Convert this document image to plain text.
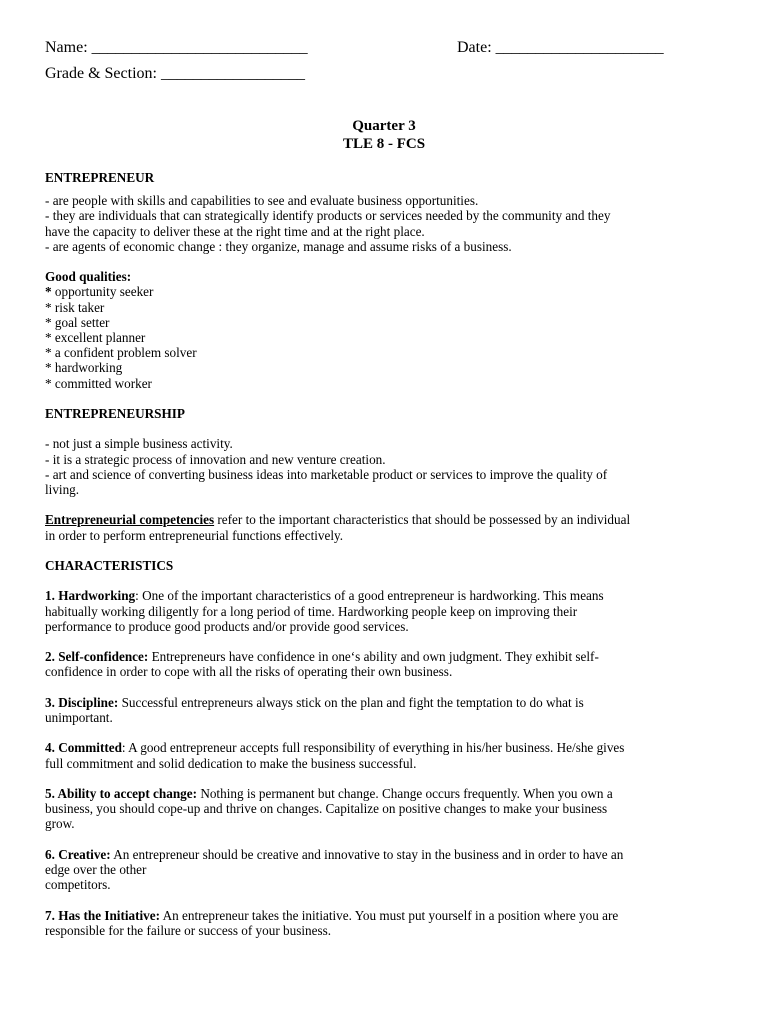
Name: ___________________________	Date: _____________________
Grade & Section: __________________
Quarter 3
TLE 8 - FCS

ENTREPRENEUR

- are people with skills and capabilities to see and evaluate business opportunities.

- they are individuals that can strategically identify products or services needed by the community and they

have the capacity to deliver these at the right time and at the right place.

- are agents of economic change : they organize, manage and assume risks of a business.

Good qualities:

* opportunity seeker

* risk taker

* goal setter

* excellent planner

* a confident problem solver

* hardworking

* committed worker

ENTREPRENEURSHIP

- not just a simple business activity.

- it is a strategic process of innovation and new venture creation.

- art and science of converting business ideas into marketable product or services to improve the quality of

living.

Entrepreneurial competencies refer to the important characteristics that should be possessed by an individual

in order to perform entrepreneurial functions effectively.

CHARACTERISTICS

1. Hardworking: One of the important characteristics of a good entrepreneur is hardworking. This means

habitually working diligently for a long period of time. Hardworking people keep on improving their

performance to produce good products and/or provide good services.

2. Self-confidence: Entrepreneurs have confidence in one‘s ability and own judgment. They exhibit self-

confidence in order to cope with all the risks of operating their own business.

3. Discipline: Successful entrepreneurs always stick on the plan and fight the temptation to do what is

unimportant.

4. Committed: A good entrepreneur accepts full responsibility of everything in his/her business. He/she gives

full commitment and solid dedication to make the business successful.

5. Ability to accept change: Nothing is permanent but change. Change occurs frequently. When you own a

business, you should cope-up and thrive on changes. Capitalize on positive changes to make your business

grow.

6. Creative: An entrepreneur should be creative and innovative to stay in the business and in order to have an

edge over the other

competitors.

7. Has the Initiative: An entrepreneur takes the initiative. You must put yourself in a position where you are

responsible for the failure or success of your business.
